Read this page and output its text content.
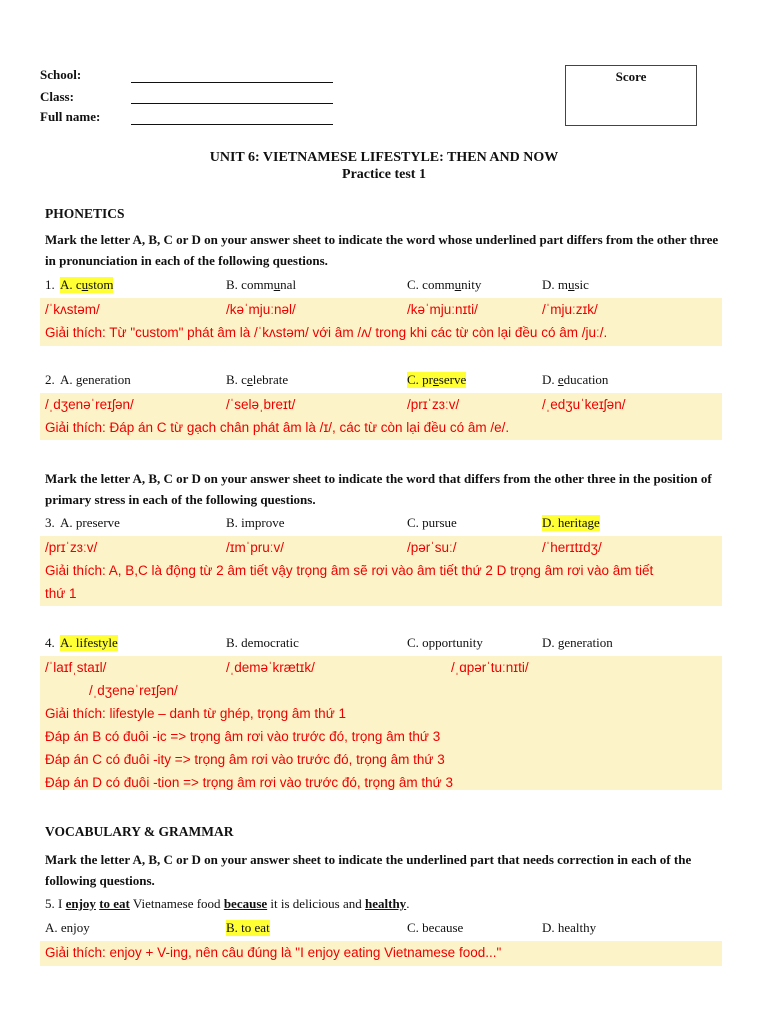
School:
Class:
Full name:
Score
UNIT 6: VIETNAMESE LIFESTYLE: THEN AND NOW
Practice test 1
PHONETICS
Mark the letter A, B, C or D on your answer sheet to indicate the word whose underlined part differs from the other three in pronunciation in each of the following questions.
1. A. custom	B. communal	C. community	D. music
/ˈkʌstəm/	/kəˈmjuːnəl/	/kəˈmjuːnɪti/	/ˈmjuːzɪk/
Giải thích: Từ "custom" phát âm là /ˈkʌstəm/ với âm /ʌ/ trong khi các từ còn lại đều có âm /juː/.
2. A. generation	B. celebrate	C. preserve	D. education
/ˌdʒenəˈreɪʃən/	/ˈseləˌbreɪt/	/prɪˈzɜːv/	/ˌedʒuˈkeɪʃən/
Giải thích: Đáp án C từ gạch chân phát âm là /ɪ/, các từ còn lại đều có âm /e/.
Mark the letter A, B, C or D on your answer sheet to indicate the word that differs from the other three in the position of primary stress in each of the following questions.
3. A. preserve	B. improve	C. pursue	D. heritage
/prɪˈzɜːv/	/ɪmˈpruːv/	/pərˈsuː/	/ˈherɪtɪdʒ/
Giải thích: A, B,C là động từ 2 âm tiết vậy trọng âm sẽ rơi vào âm tiết thứ 2 D trọng âm rơi vào âm tiết
thứ 1
4. A. lifestyle	B. democratic	C. opportunity	D. generation
/ˈlaɪfˌstaɪl/	/ˌdeməˈkrætɪk/	/ˌɑpərˈtuːnɪti/
/ˌdʒenəˈreɪʃən/
Giải thích: lifestyle – danh từ ghép, trọng âm thứ 1
Đáp án B có đuôi -ic => trọng âm rơi vào trước đó, trọng âm thứ 3
Đáp án C có đuôi -ity => trọng âm rơi vào trước đó, trọng âm thứ 3
Đáp án D có đuôi -tion => trọng âm rơi vào trước đó, trọng âm thứ 3
VOCABULARY & GRAMMAR
Mark the letter A, B, C or D on your answer sheet to indicate the underlined part that needs correction in each of the following questions.
5. I enjoy to eat Vietnamese food because it is delicious and healthy.
A. enjoy	B. to eat	C. because	D. healthy
Giải thích: enjoy + V-ing, nên câu đúng là "I enjoy eating Vietnamese food..."
